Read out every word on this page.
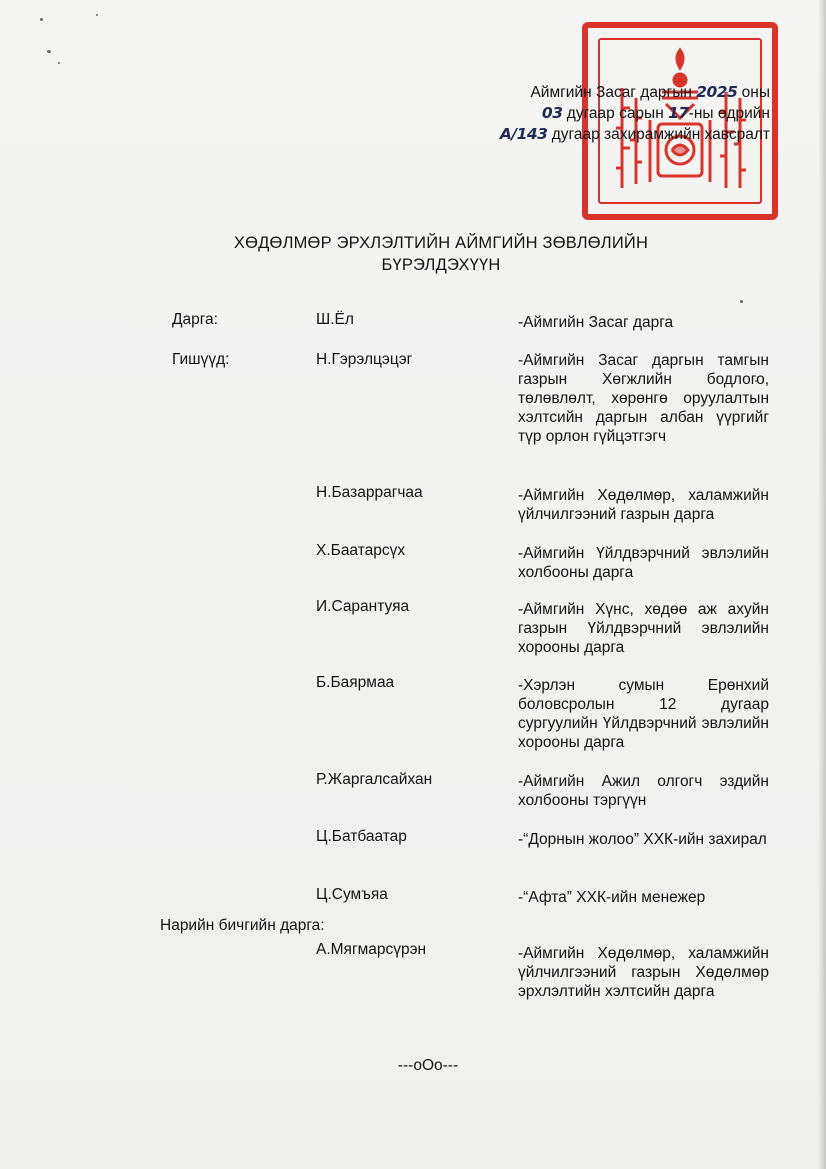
Аймгийн Засаг даргын 2025 оны
03 дугаар сарын 17-ны өдрийн
А/143 дугаар захирамжийн хавсралт
ХӨДӨЛМӨР ЭРХЛЭЛТИЙН АЙМГИЙН ЗӨВЛӨЛИЙН
БҮРЭЛДЭХҮҮН
Дарга:	Ш.Ёл	-Аймгийн Засаг дарга
Гишүүд:	Н.Гэрэлцэцэг	-Аймгийн Засаг даргын тамгын газрын Хөгжлийн бодлого, төлөвлөлт, хөрөнгө оруулалтын хэлтсийн даргын албан үүргийг түр орлон гүйцэтгэгч
Н.Базаррагчаа	-Аймгийн Хөдөлмөр, халамжийн үйлчилгээний газрын дарга
Х.Баатарсүх	-Аймгийн Үйлдвэрчний эвлэлийн холбооны дарга
И.Сарантуяа	-Аймгийн Хүнс, хөдөө аж ахуйн газрын Үйлдвэрчний эвлэлийн хорооны дарга
Б.Баярмаа	-Хэрлэн сумын Ерөнхий боловсролын 12 дугаар сургуулийн Үйлдвэрчний эвлэлийн хорооны дарга
Р.Жаргалсайхан	-Аймгийн Ажил олгогч эздийн холбооны тэргүүн
Ц.Батбаатар	-“Дорнын жолоо” ХХК-ийн захирал
Ц.Сумъяа	-“Афта” ХХК-ийн менежер
Нарийн бичгийн дарга:
А.Мягмарсүрэн	-Аймгийн Хөдөлмөр, халамжийн үйлчилгээний газрын Хөдөлмөр эрхлэлтийн хэлтсийн дарга
---oOo---
